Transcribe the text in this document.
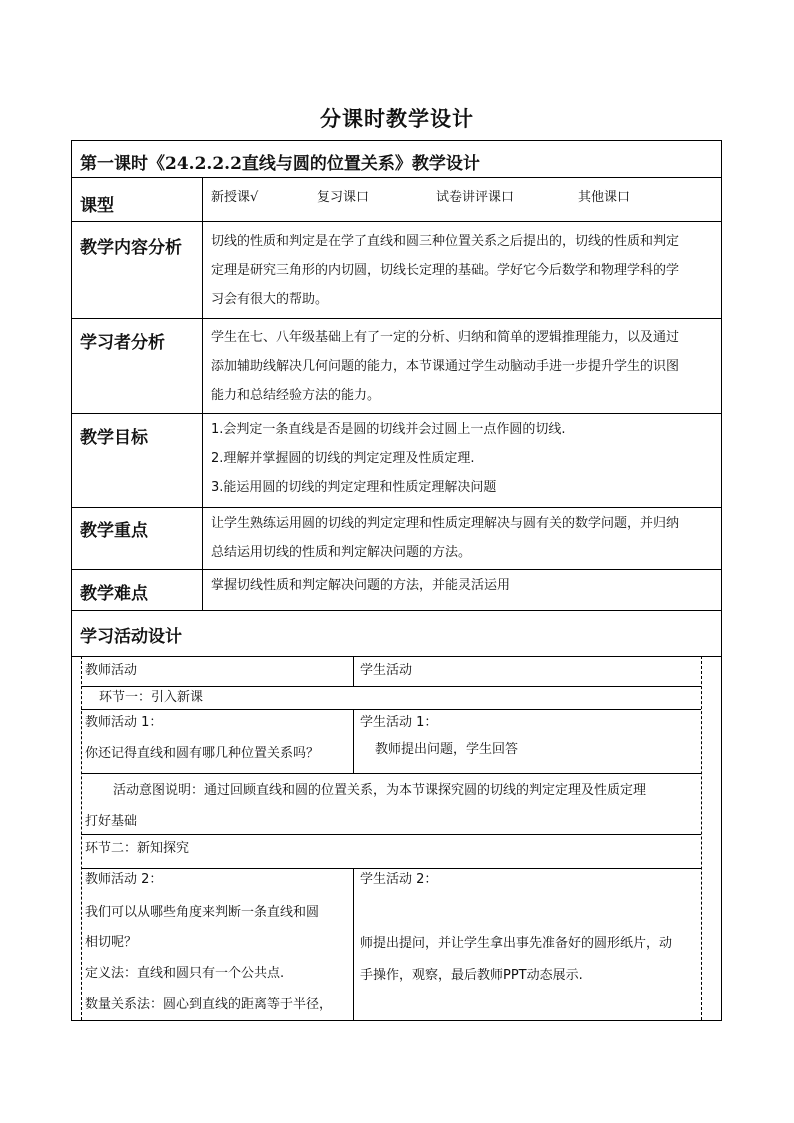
分课时教学设计
第一课时《24.2.2.2直线与圆的位置关系》教学设计
课型	新授课√	复习课口	试卷讲评课口	其他课口
教学内容分析 切线的性质和判定是在学了直线和圆三种位置关系之后提出的，切线的性质和判定
定理是研究三角形的内切圆，切线长定理的基础。学好它今后数学和物理学科的学
习会有很大的帮助。
学习者分析	学生在七、八年级基础上有了一定的分析、归纳和简单的逻辑推理能力，以及通过
添加辅助线解决几何问题的能力，本节课通过学生动脑动手进一步提升学生的识图
能力和总结经验方法的能力。
教学目标	1.会判定一条直线是否是圆的切线并会过圆上一点作圆的切线.
2.理解并掌握圆的切线的判定定理及性质定理.
3.能运用圆的切线的判定定理和性质定理解决问题
教学重点	让学生熟练运用圆的切线的判定定理和性质定理解决与圆有关的数学问题，并归纳
总结运用切线的性质和判定解决问题的方法。
教学难点	掌握切线性质和判定解决问题的方法，并能灵活运用
学习活动设计
教师活动	学生活动
环节一：引入新课
教师活动 1：
你还记得直线和圆有哪几种位置关系吗？
学生活动 1：
教师提出问题，学生回答
活动意图说明：通过回顾直线和圆的位置关系，为本节课探究圆的切线的判定定理及性质定理
打好基础
环节二：新知探究
教师活动 2：
我们可以从哪些角度来判断一条直线和圆
相切呢？
定义法：直线和圆只有一个公共点.
数量关系法：圆心到直线的距离等于半径，
学生活动 2：
师提出提问，并让学生拿出事先准备好的圆形纸片，动
手操作，观察，最后教师PPT动态展示.
